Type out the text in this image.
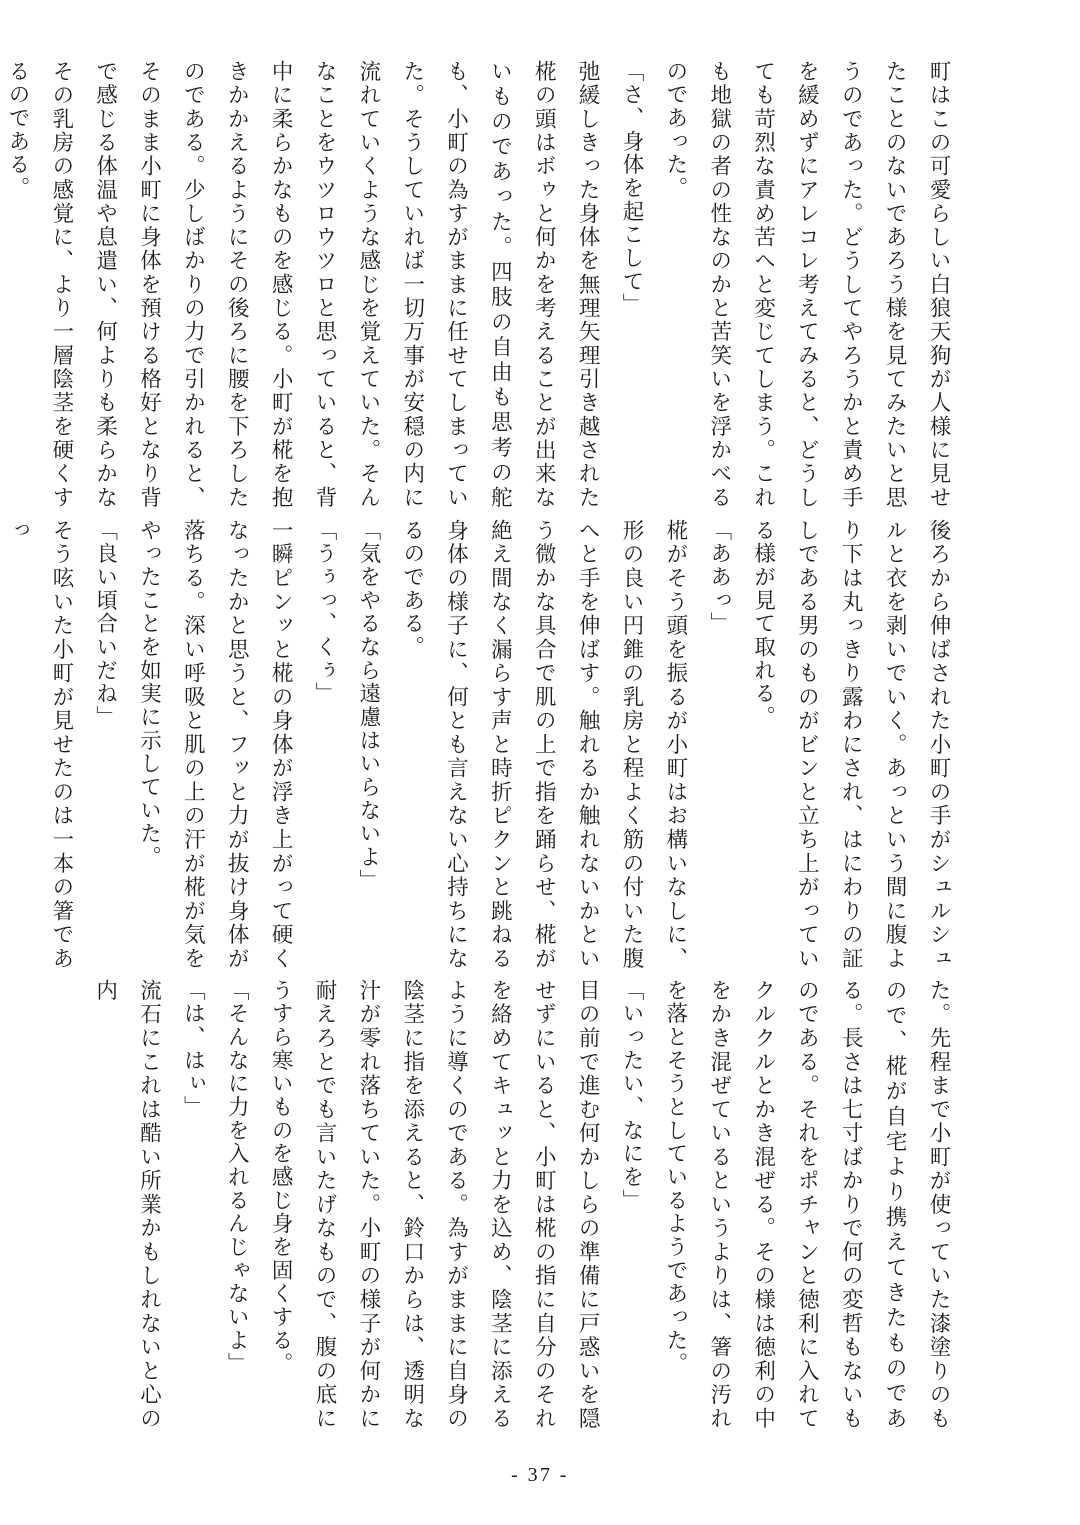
町はこの可愛らしい白狼天狗が人様に見せたことのないであろう様を見てみたいと思うのであった。どうしてやろうかと責め手を緩めずにアレコレ考えてみると、どうしても苛烈な責め苦へと変じてしまう。これも地獄の者の性なのかと苦笑いを浮かべるのであった。

「さ、身体を起こして」

弛緩しきった身体を無理矢理引き越された椛の頭はボゥと何かを考えることが出来ないものであった。四肢の自由も思考の舵も、小町の為すがままに任せてしまっていた。そうしていれば一切万事が安穏の内に流れていくような感じを覚えていた。そんなことをウツロウツロと思っていると、背中に柔らかなものを感じる。小町が椛を抱きかかえるようにその後ろに腰を下ろしたのである。少しばかりの力で引かれると、そのまま小町に身体を預ける格好となり背で感じる体温や息遣い、何よりも柔らかなその乳房の感覚に、より一層陰茎を硬くするのである。

後ろから伸ばされた小町の手がシュルシュルと衣を剥いでいく。あっという間に腹より下は丸っきり露わにされ、はにわりの証しである男のものがビンと立ち上がっている様が見て取れる。

「ああっ」

椛がそう頭を振るが小町はお構いなしに、形の良い円錐の乳房と程よく筋の付いた腹へと手を伸ばす。触れるか触れないかという微かな具合で肌の上で指を踊らせ、椛が絶え間なく漏らす声と時折ピクンと跳ねる身体の様子に、何とも言えない心持ちになるのである。

「気をやるなら遠慮はいらないよ」

「うぅっ、くぅ」

一瞬ピンッと椛の身体が浮き上がって硬くなったかと思うと、フッと力が抜け身体が落ちる。深い呼吸と肌の上の汗が椛が気をやったことを如実に示していた。

「良い頃合いだね」

そう呟いた小町が見せたのは一本の箸であっ

た。先程まで小町が使っていた漆塗りのもので、椛が自宅より携えてきたものである。長さは七寸ばかりで何の変哲もないものである。それをポチャンと徳利に入れてクルクルとかき混ぜる。その様は徳利の中をかき混ぜているというよりは、箸の汚れを落とそうとしているようであった。

「いったい、なにを」

目の前で進む何かしらの準備に戸惑いを隠せずにいると、小町は椛の指に自分のそれを絡めてキュッと力を込め、陰茎に添えるように導くのである。為すがままに自身の陰茎に指を添えると、鈴口からは、透明な汁が零れ落ちていた。小町の様子が何かに耐えろとでも言いたげなもので、腹の底にうすら寒いものを感じ身を固くする。

「そんなに力を入れるんじゃないよ」

「は、はぃ」

流石にこれは酷い所業かもしれないと心の内

- 37 -
